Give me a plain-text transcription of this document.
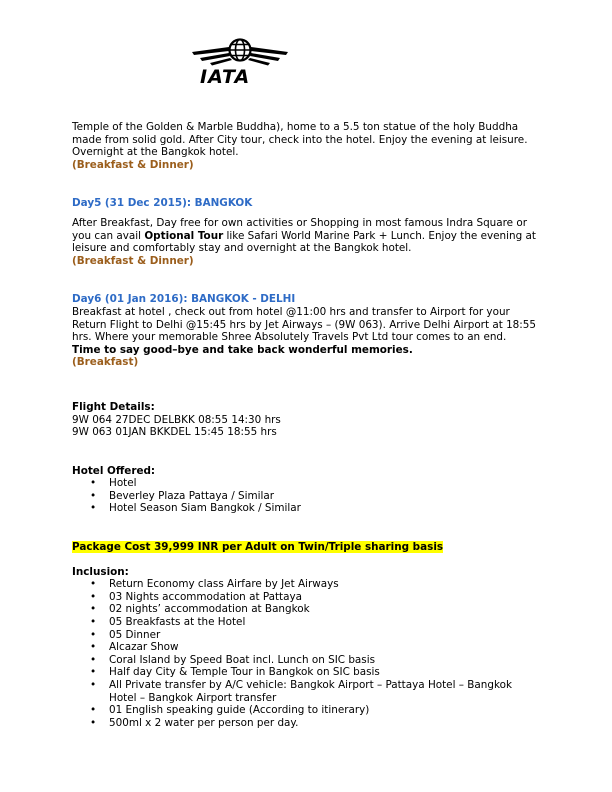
IATA

Temple of the Golden & Marble Buddha), home to a 5.5 ton statue of the holy Buddha made from solid gold. After City tour, check into the hotel. Enjoy the evening at leisure. Overnight at the Bangkok hotel.

(Breakfast & Dinner)

Day5 (31 Dec 2015): BANGKOK

After Breakfast, Day free for own activities or Shopping in most famous Indra Square or you can avail Optional Tour like Safari World Marine Park + Lunch. Enjoy the evening at leisure and comfortably stay and overnight at the Bangkok hotel.

(Breakfast & Dinner)

Day6 (01 Jan 2016): BANGKOK - DELHI

Breakfast at hotel , check out from hotel @11:00 hrs and transfer to Airport for your Return Flight to Delhi @15:45 hrs by Jet Airways – (9W 063). Arrive Delhi Airport at 18:55 hrs. Where your memorable Shree Absolutely Travels Pvt Ltd tour comes to an end.

Time to say good–bye and take back wonderful memories.

(Breakfast)

Flight Details:

9W 064 27DEC DELBKK 08:55 14:30 hrs

9W 063 01JAN BKKDEL 15:45 18:55 hrs

Hotel Offered:

• Hotel
• Beverley Plaza Pattaya / Similar
• Hotel Season Siam Bangkok / Similar

Package Cost 39,999 INR per Adult on Twin/Triple sharing basis

Inclusion:

• Return Economy class Airfare by Jet Airways
• 03 Nights accommodation at Pattaya
• 02 nights’ accommodation at Bangkok
• 05 Breakfasts at the Hotel
• 05 Dinner
• Alcazar Show
• Coral Island by Speed Boat incl. Lunch on SIC basis
• Half day City & Temple Tour in Bangkok on SIC basis
• All Private transfer by A/C vehicle: Bangkok Airport – Pattaya Hotel – Bangkok Hotel – Bangkok Airport transfer
• 01 English speaking guide (According to itinerary)
• 500ml x 2 water per person per day.
